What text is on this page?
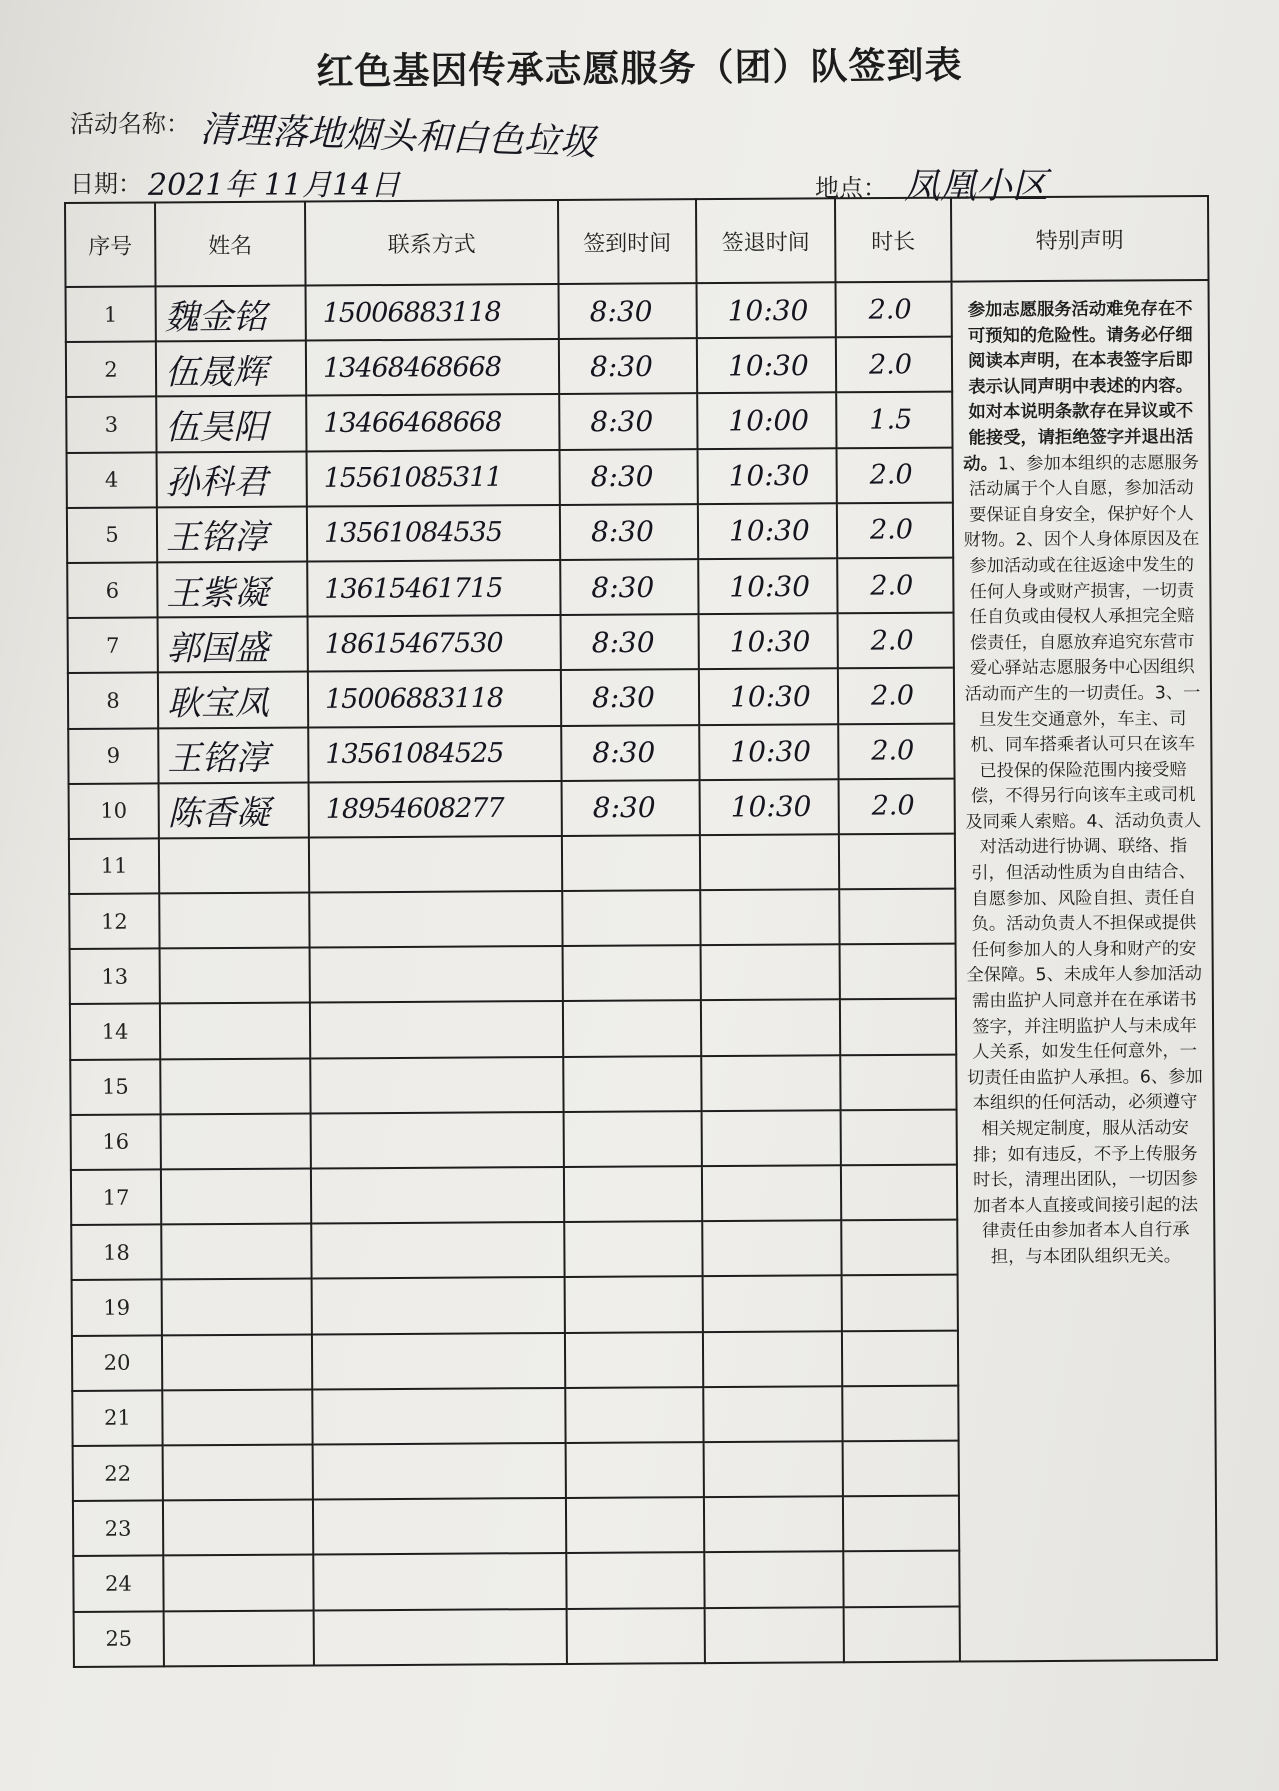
红色基因传承志愿服务（团）队签到表
活动名称： 清理落地烟头和白色垃圾
日期： 2021年 11月14日	地点： 凤凰小区
序号	姓名	联系方式	签到时间	签退时间	时长	特别声明
1	魏金铭	15006883118	8:30	10:30	2.0	参加志愿服务活动难免存在不可预知的危险性。请务必仔细阅读本声明，在本表签字后即表示认同声明中表述的内容。如对本说明条款存在异议或不能接受，请拒绝签字并退出活动。1、参加本组织的志愿服务活动属于个人自愿，参加活动要保证自身安全，保护好个人财物。2、因个人身体原因及在参加活动或在往返途中发生的任何人身或财产损害，一切责任自负或由侵权人承担完全赔偿责任，自愿放弃追究东营市爱心驿站志愿服务中心因组织活动而产生的一切责任。3、一旦发生交通意外，车主、司机、同车搭乘者认可只在该车已投保的保险范围内接受赔偿，不得另行向该车主或司机及同乘人索赔。4、活动负责人对活动进行协调、联络、指引，但活动性质为自由结合、自愿参加、风险自担、责任自负。活动负责人不担保或提供任何参加人的人身和财产的安全保障。5、未成年人参加活动需由监护人同意并在在承诺书签字，并注明监护人与未成年人关系，如发生任何意外，一切责任由监护人承担。6、参加本组织的任何活动，必须遵守相关规定制度，服从活动安排；如有违反，不予上传服务时长，清理出团队，一切因参加者本人直接或间接引起的法律责任由参加者本人自行承担，与本团队组织无关。
2	伍晟辉	13468468668	8:30	10:30	2.0	

3	伍昊阳	13466468668	8:30	10:00	1.5	

4	孙科君	15561085311	8:30	10:30	2.0	

5	王铭淳	13561084535	8:30	10:30	2.0	

6	王紫凝	13615461715	8:30	10:30	2.0	

7	郭国盛	18615467530	8:30	10:30	2.0	

8	耿宝凤	15006883118	8:30	10:30	2.0	

9	王铭淳	13561084525	8:30	10:30	2.0	

10	陈香凝	18954608277	8:30	10:30	2.0	

11		

12		

13		

14		

15		

16		

17		

18		

19		

20		

21		

22		

23		

24		

25		
